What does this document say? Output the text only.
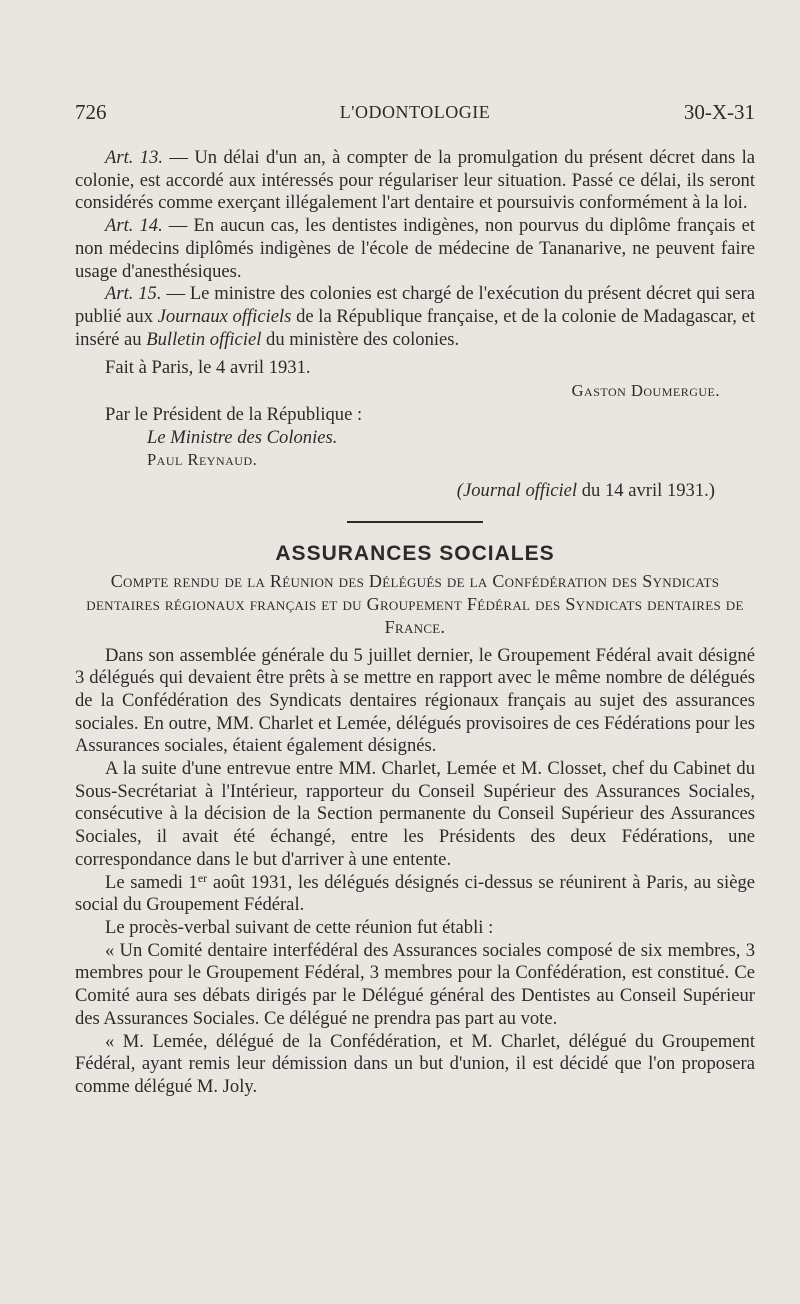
726	L'ODONTOLOGIE	30-X-31

Art. 13. — Un délai d'un an, à compter de la promulgation du présent décret dans la colonie, est accordé aux intéressés pour régulariser leur situation. Passé ce délai, ils seront considérés comme exerçant illégalement l'art dentaire et poursuivis conformément à la loi.

Art. 14. — En aucun cas, les dentistes indigènes, non pourvus du diplôme français et non médecins diplômés indigènes de l'école de médecine de Tananarive, ne peuvent faire usage d'anesthésiques.

Art. 15. — Le ministre des colonies est chargé de l'exécution du présent décret qui sera publié aux Journaux officiels de la République française, et de la colonie de Madagascar, et inséré au Bulletin officiel du ministère des colonies.

Fait à Paris, le 4 avril 1931.

Gaston Doumergue.

Par le Président de la République :

Le Ministre des Colonies.

Paul Reynaud.

(Journal officiel du 14 avril 1931.)

ASSURANCES SOCIALES

Compte rendu de la Réunion des Délégués de la Confédération des Syndicats dentaires régionaux français et du Groupement Fédéral des Syndicats dentaires de France.

Dans son assemblée générale du 5 juillet dernier, le Groupement Fédéral avait désigné 3 délégués qui devaient être prêts à se mettre en rapport avec le même nombre de délégués de la Confédération des Syndicats dentaires régionaux français au sujet des assurances sociales. En outre, MM. Charlet et Lemée, délégués provisoires de ces Fédérations pour les Assurances sociales, étaient également désignés.

A la suite d'une entrevue entre MM. Charlet, Lemée et M. Closset, chef du Cabinet du Sous-Secrétariat à l'Intérieur, rapporteur du Conseil Supérieur des Assurances Sociales, consécutive à la décision de la Section permanente du Conseil Supérieur des Assurances Sociales, il avait été échangé, entre les Présidents des deux Fédérations, une correspondance dans le but d'arriver à une entente.

Le samedi 1er août 1931, les délégués désignés ci-dessus se réunirent à Paris, au siège social du Groupement Fédéral.

Le procès-verbal suivant de cette réunion fut établi :

« Un Comité dentaire interfédéral des Assurances sociales composé de six membres, 3 membres pour le Groupement Fédéral, 3 membres pour la Confédération, est constitué. Ce Comité aura ses débats dirigés par le Délégué général des Dentistes au Conseil Supérieur des Assurances Sociales. Ce délégué ne prendra pas part au vote.

« M. Lemée, délégué de la Confédération, et M. Charlet, délégué du Groupement Fédéral, ayant remis leur démission dans un but d'union, il est décidé que l'on proposera comme délégué M. Joly.
